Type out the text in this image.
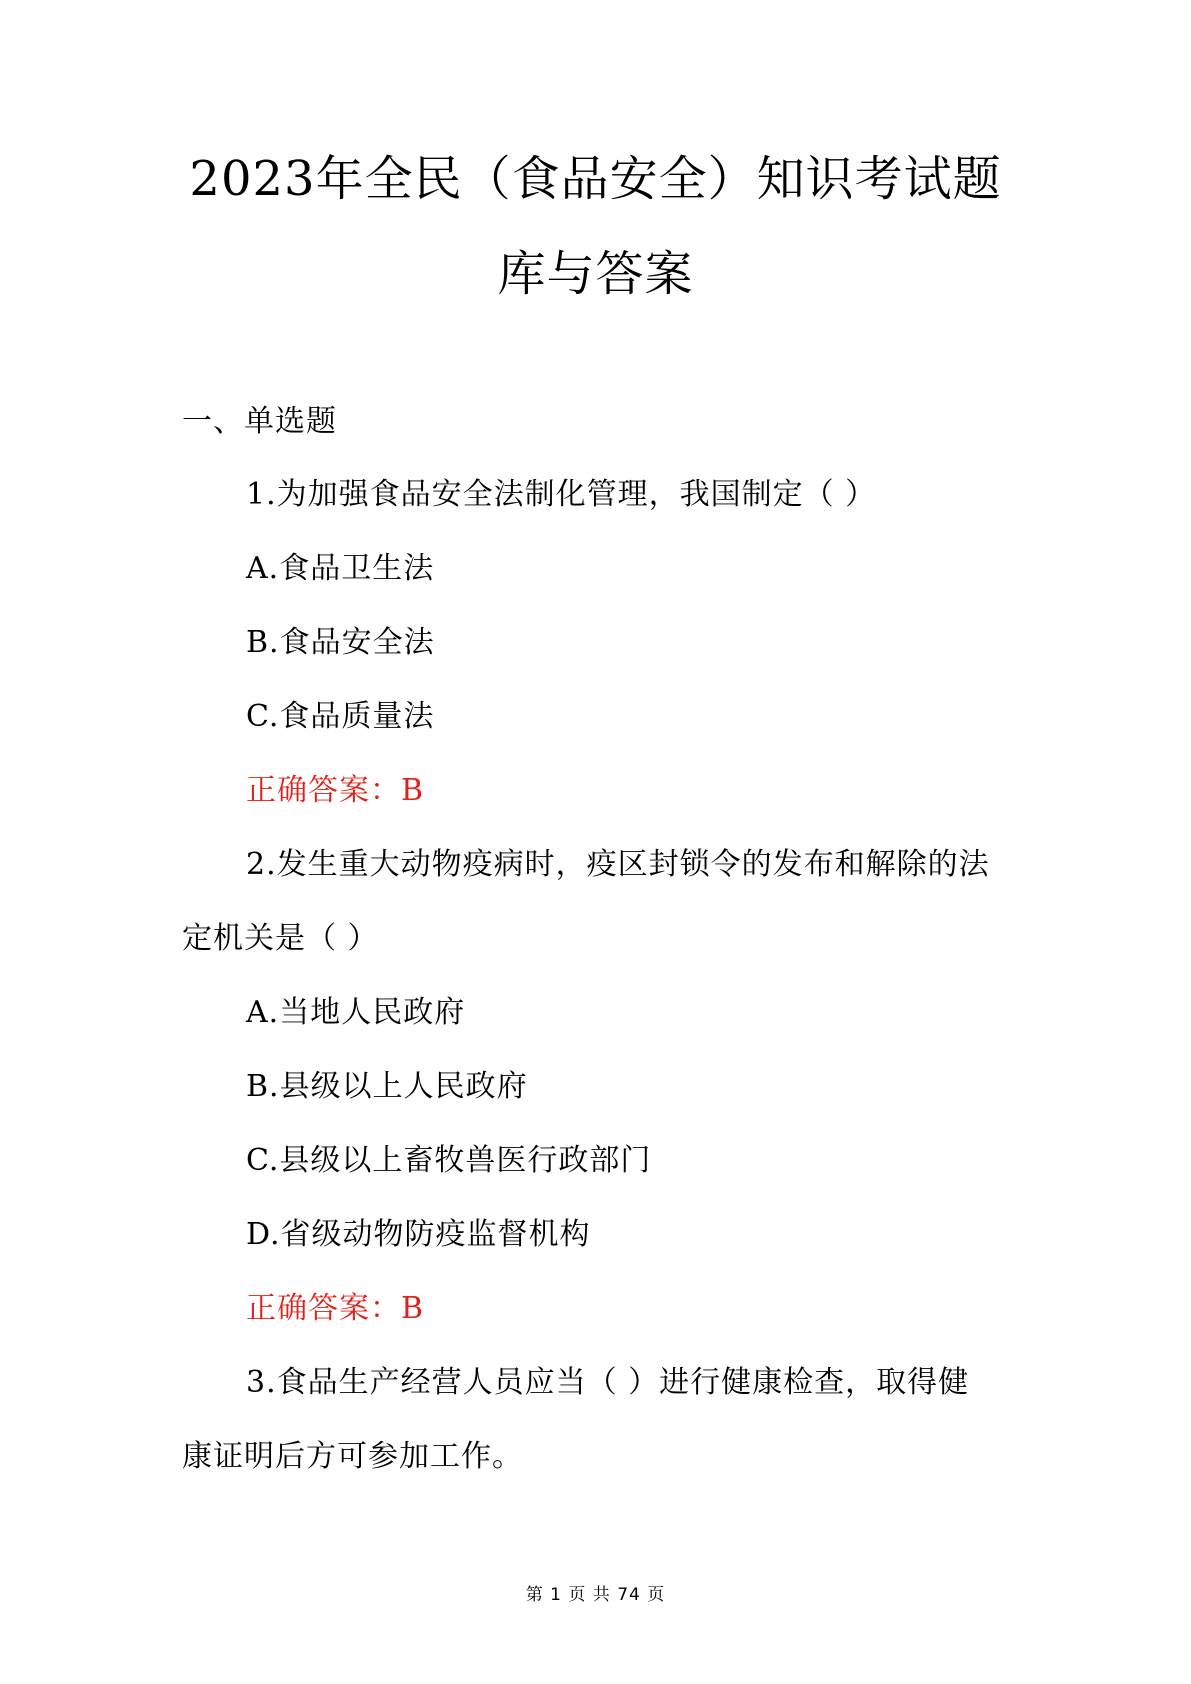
2023年全民（食品安全）知识考试题
库与答案
一、单选题
1.为加强食品安全法制化管理，我国制定（ ）
A.食品卫生法
B.食品安全法
C.食品质量法
正确答案：B
2.发生重大动物疫病时，疫区封锁令的发布和解除的法
定机关是（ ）
A.当地人民政府
B.县级以上人民政府
C.县级以上畜牧兽医行政部门
D.省级动物防疫监督机构
正确答案：B
3.食品生产经营人员应当（ ）进行健康检查，取得健
康证明后方可参加工作。
第 1 页 共 74 页
